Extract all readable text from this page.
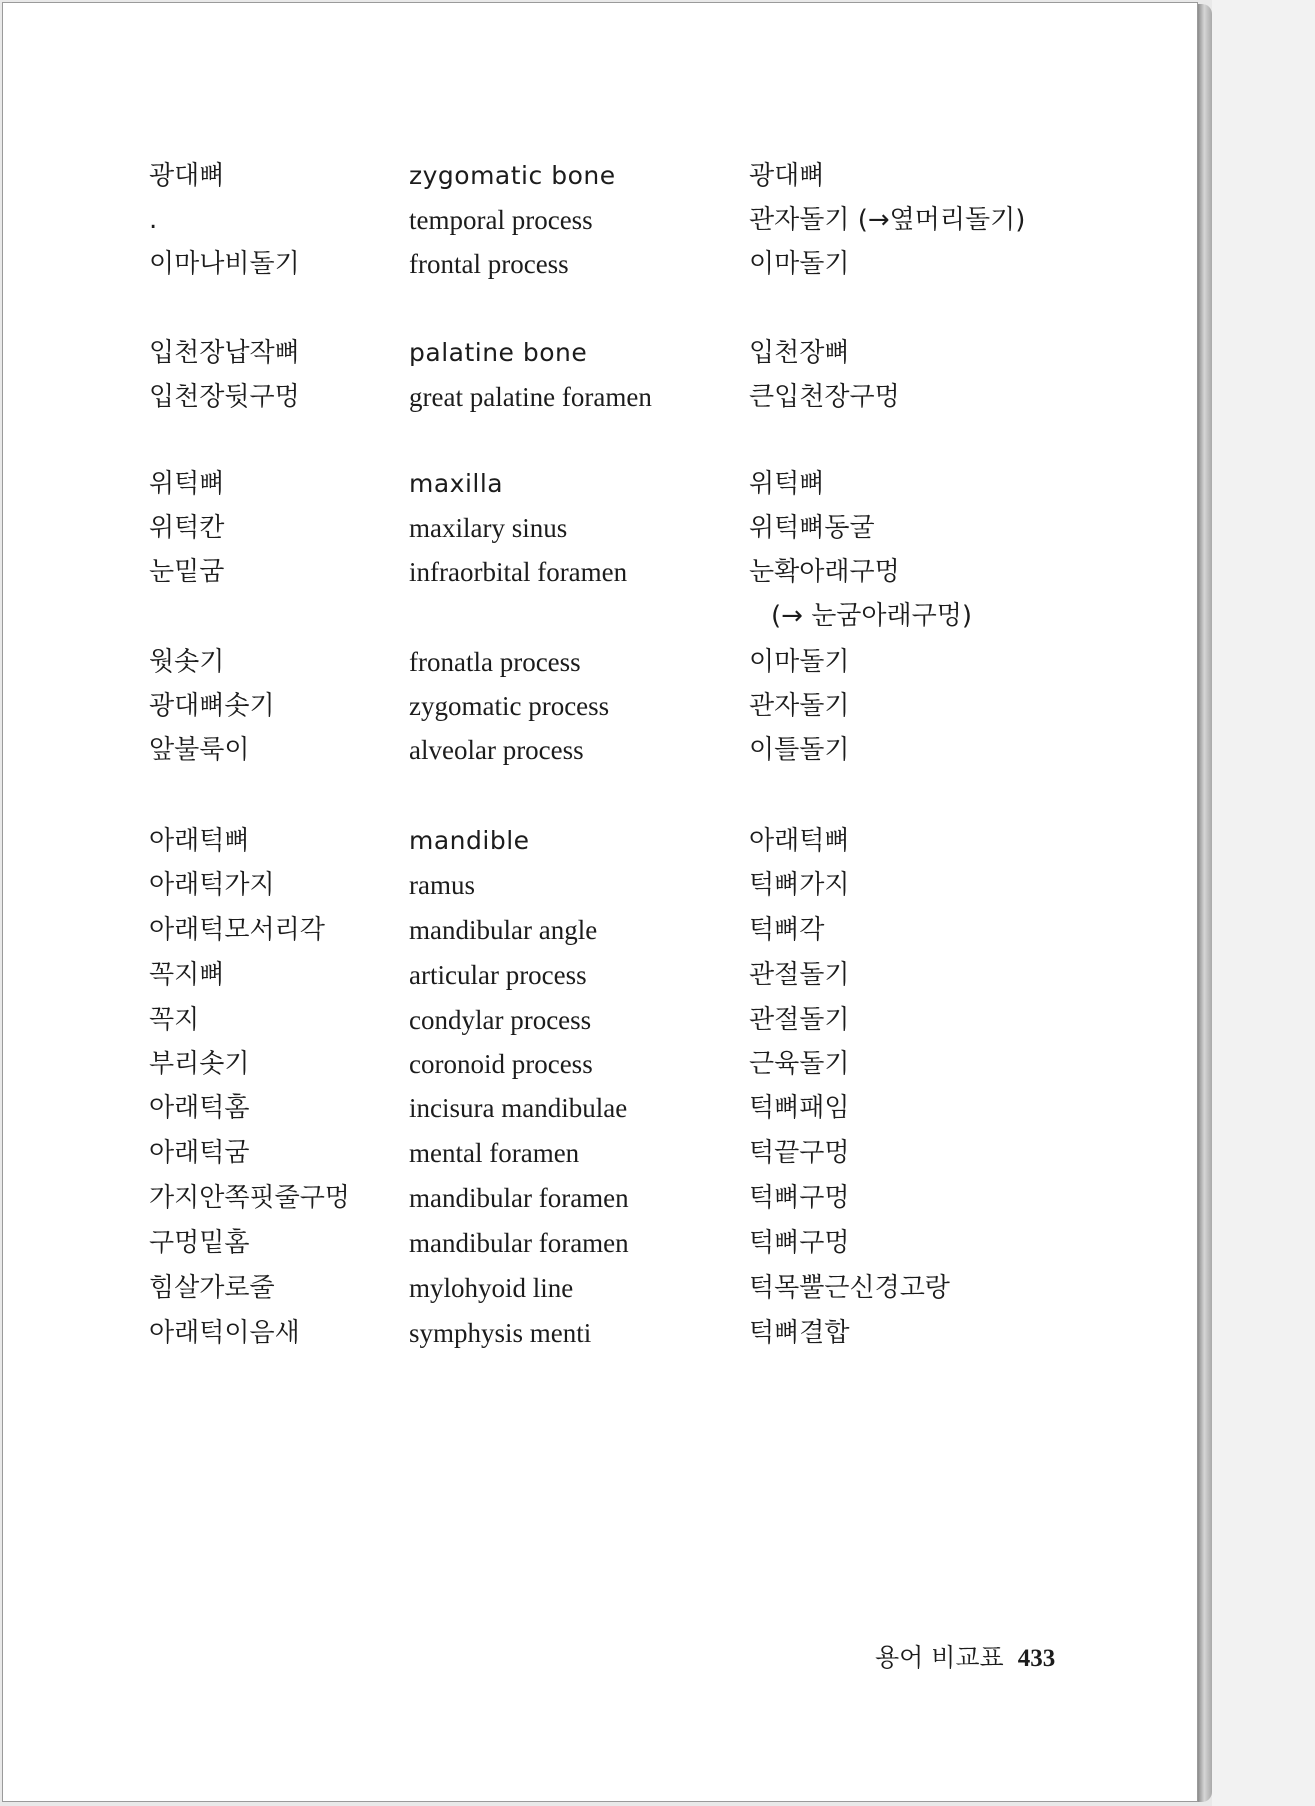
광대뼈	zygomatic bone	광대뼈
.	temporal process	관자돌기 (→옆머리돌기)
이마나비돌기	frontal process	이마돌기
입천장납작뼈	palatine bone	입천장뼈
입천장뒷구멍	great palatine foramen	큰입천장구멍
위턱뼈	maxilla	위턱뼈
위턱칸	maxilary sinus	위턱뼈동굴
눈밑굼	infraorbital foramen	눈확아래구멍
(→ 눈굼아래구멍)
웟솟기	fronatla process	이마돌기
광대뼈솟기	zygomatic process	관자돌기
앞불룩이	alveolar process	이틀돌기
아래턱뼈	mandible	아래턱뼈
아래턱가지	ramus	턱뼈가지
아래턱모서리각	mandibular angle	턱뼈각
꼭지뼈	articular process	관절돌기
꼭지	condylar process	관절돌기
부리솟기	coronoid process	근육돌기
아래턱홈	incisura mandibulae	턱뼈패임
아래턱굼	mental foramen	턱끝구멍
가지안쪽핏줄구멍 mandibular foramen	턱뼈구멍
구멍밑홈	mandibular foramen	턱뼈구멍
힘살가로줄	mylohyoid line	턱목뿔근신경고랑
아래턱이음새	symphysis menti	턱뼈결합
용어 비교표 433
